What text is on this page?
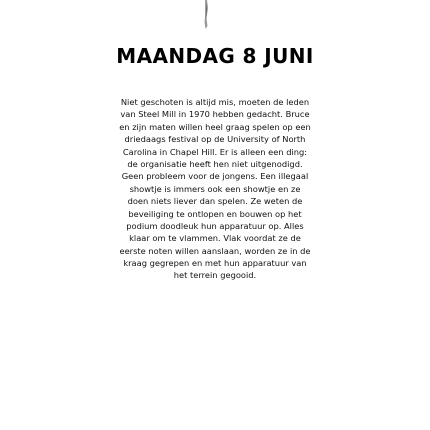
MAANDAG 8 JUNI
Niet geschoten is altijd mis, moeten de leden
van Steel Mill in 1970 hebben gedacht. Bruce
en zijn maten willen heel graag spelen op een
driedaags festival op de University of North
Carolina in Chapel Hill. Er is alleen een ding:
de organisatie heeft hen niet uitgenodigd.
Geen probleem voor de jongens. Een illegaal
showtje is immers ook een showtje en ze
doen niets liever dan spelen. Ze weten de
beveiliging te ontlopen en bouwen op het
podium doodleuk hun apparatuur op. Alles
klaar om te vlammen. Vlak voordat ze de
eerste noten willen aanslaan, worden ze in de
kraag gegrepen en met hun apparatuur van
het terrein gegooid.
